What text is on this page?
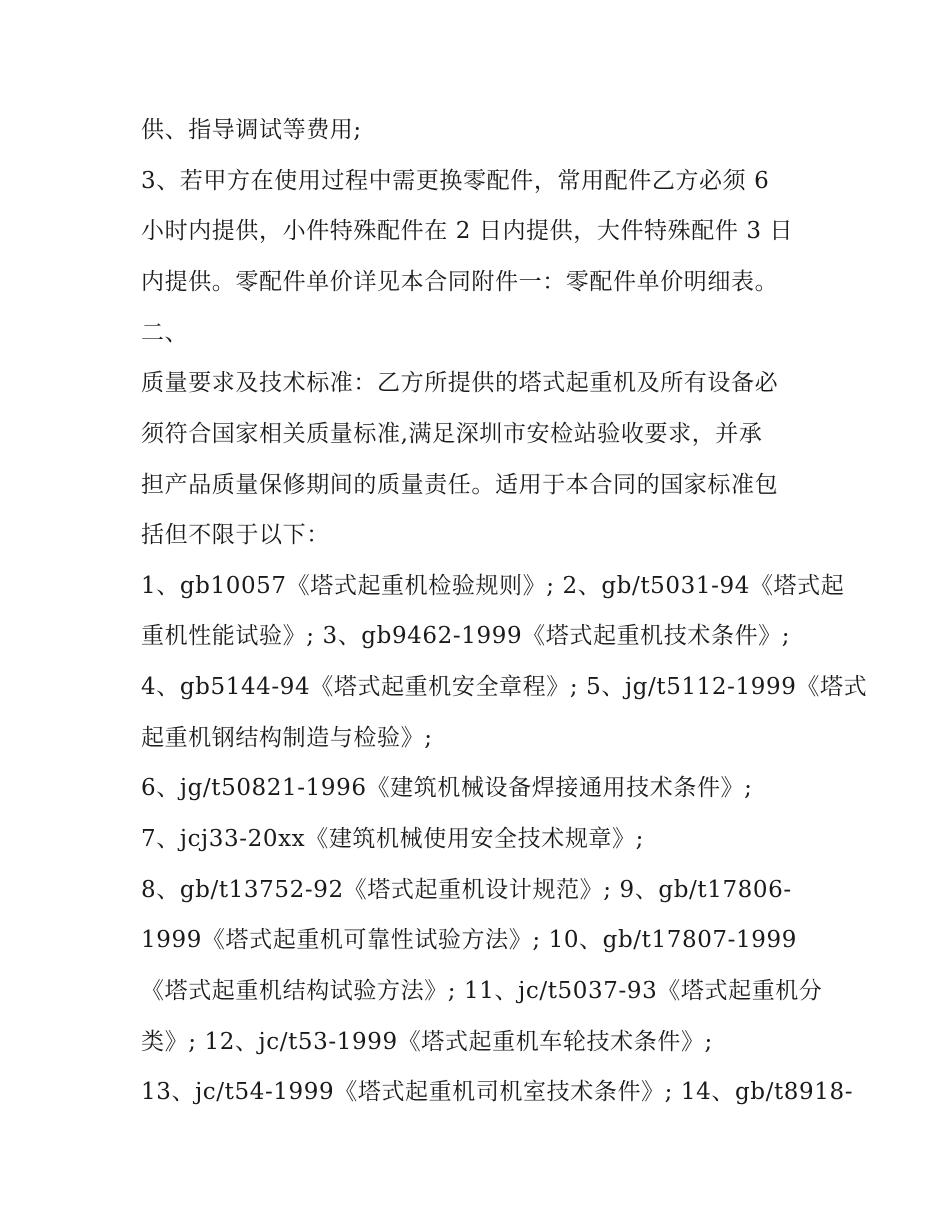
供、指导调试等费用;
3、若甲方在使用过程中需更换零配件，常用配件乙方必须 6
小时内提供，小件特殊配件在 2 日内提供，大件特殊配件 3 日
内提供。零配件单价详见本合同附件一：零配件单价明细表。
二、
质量要求及技术标准：乙方所提供的塔式起重机及所有设备必
须符合国家相关质量标准,满足深圳市安检站验收要求，并承
担产品质量保修期间的质量责任。适用于本合同的国家标准包
括但不限于以下：
1、gb10057《塔式起重机检验规则》; 2、gb/t5031-94《塔式起
重机性能试验》; 3、gb9462-1999《塔式起重机技术条件》;
4、gb5144-94《塔式起重机安全章程》; 5、jg/t5112-1999《塔式
起重机钢结构制造与检验》;
6、jg/t50821-1996《建筑机械设备焊接通用技术条件》;
7、jcj33-20xx《建筑机械使用安全技术规章》;
8、gb/t13752-92《塔式起重机设计规范》; 9、gb/t17806-
1999《塔式起重机可靠性试验方法》; 10、gb/t17807-1999
《塔式起重机结构试验方法》; 11、jc/t5037-93《塔式起重机分
类》; 12、jc/t53-1999《塔式起重机车轮技术条件》;
13、jc/t54-1999《塔式起重机司机室技术条件》; 14、gb/t8918-
